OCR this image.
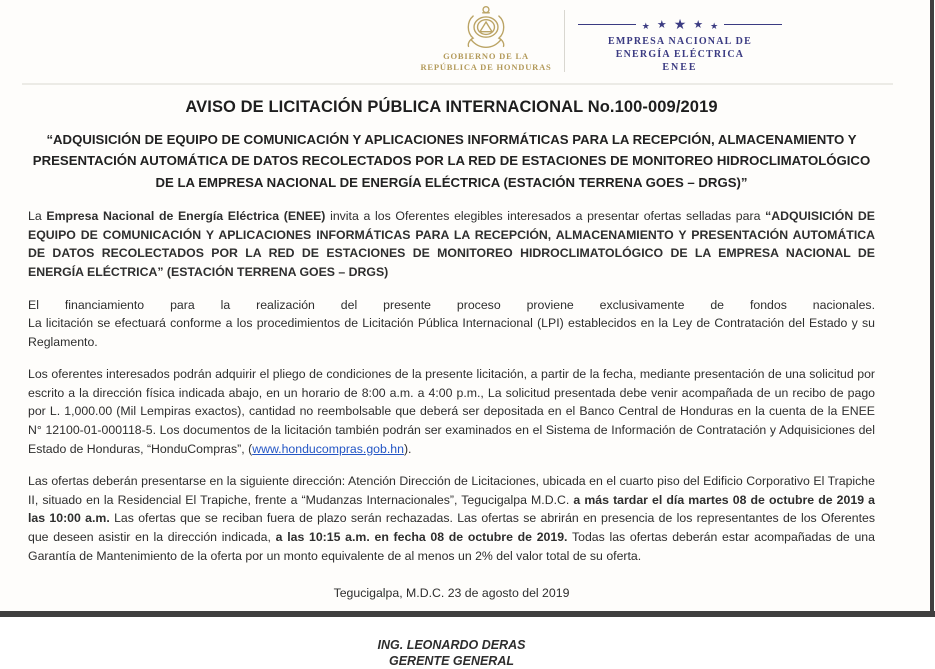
GOBIERNO DE LA
REPÚBLICA DE HONDURAS
★ ★ ★ ★ ★
EMPRESA NACIONAL DE
ENERGÍA ELÉCTRICA
ENEE
AVISO DE LICITACIÓN PÚBLICA INTERNACIONAL No.100-009/2019
“ADQUISICIÓN DE EQUIPO DE COMUNICACIÓN Y APLICACIONES INFORMÁTICAS PARA LA RECEPCIÓN, ALMACENAMIENTO Y PRESENTACIÓN AUTOMÁTICA DE DATOS RECOLECTADOS POR LA RED DE ESTACIONES DE MONITOREO HIDROCLIMATOLÓGICO DE LA EMPRESA NACIONAL DE ENERGÍA ELÉCTRICA (ESTACIÓN TERRENA GOES – DRGS)”
La Empresa Nacional de Energía Eléctrica (ENEE) invita a los Oferentes elegibles interesados a presentar ofertas selladas para “ADQUISICIÓN DE EQUIPO DE COMUNICACIÓN Y APLICACIONES INFORMÁTICAS PARA LA RECEPCIÓN, ALMACENAMIENTO Y PRESENTACIÓN AUTOMÁTICA DE DATOS RECOLECTADOS POR LA RED DE ESTACIONES DE MONITOREO HIDROCLIMATOLÓGICO DE LA EMPRESA NACIONAL DE ENERGÍA ELÉCTRICA” (ESTACIÓN TERRENA GOES – DRGS)
El financiamiento para la realización del presente proceso proviene exclusivamente de fondos nacionales.
La licitación se efectuará conforme a los procedimientos de Licitación Pública Internacional (LPI) establecidos en la Ley de Contratación del Estado y su Reglamento.
Los oferentes interesados podrán adquirir el pliego de condiciones de la presente licitación, a partir de la fecha, mediante presentación de una solicitud por escrito a la dirección física indicada abajo, en un horario de 8:00 a.m. a 4:00 p.m., La solicitud presentada debe venir acompañada de un recibo de pago por L. 1,000.00 (Mil Lempiras exactos), cantidad no reembolsable que deberá ser depositada en el Banco Central de Honduras en la cuenta de la ENEE N° 12100-01-000118-5. Los documentos de la licitación también podrán ser examinados en el Sistema de Información de Contratación y Adquisiciones del Estado de Honduras, “HonduCompras”, (www.honducompras.gob.hn).
Las ofertas deberán presentarse en la siguiente dirección: Atención Dirección de Licitaciones, ubicada en el cuarto piso del Edificio Corporativo El Trapiche II, situado en la Residencial El Trapiche, frente a “Mudanzas Internacionales”, Tegucigalpa M.D.C. a más tardar el día martes 08 de octubre de 2019 a las 10:00 a.m. Las ofertas que se reciban fuera de plazo serán rechazadas. Las ofertas se abrirán en presencia de los representantes de los Oferentes que deseen asistir en la dirección indicada, a las 10:15 a.m. en fecha 08 de octubre de 2019. Todas las ofertas deberán estar acompañadas de una Garantía de Mantenimiento de la oferta por un monto equivalente de al menos un 2% del valor total de su oferta.
Tegucigalpa, M.D.C. 23 de agosto del 2019
ING. LEONARDO DERAS
GERENTE GENERAL
